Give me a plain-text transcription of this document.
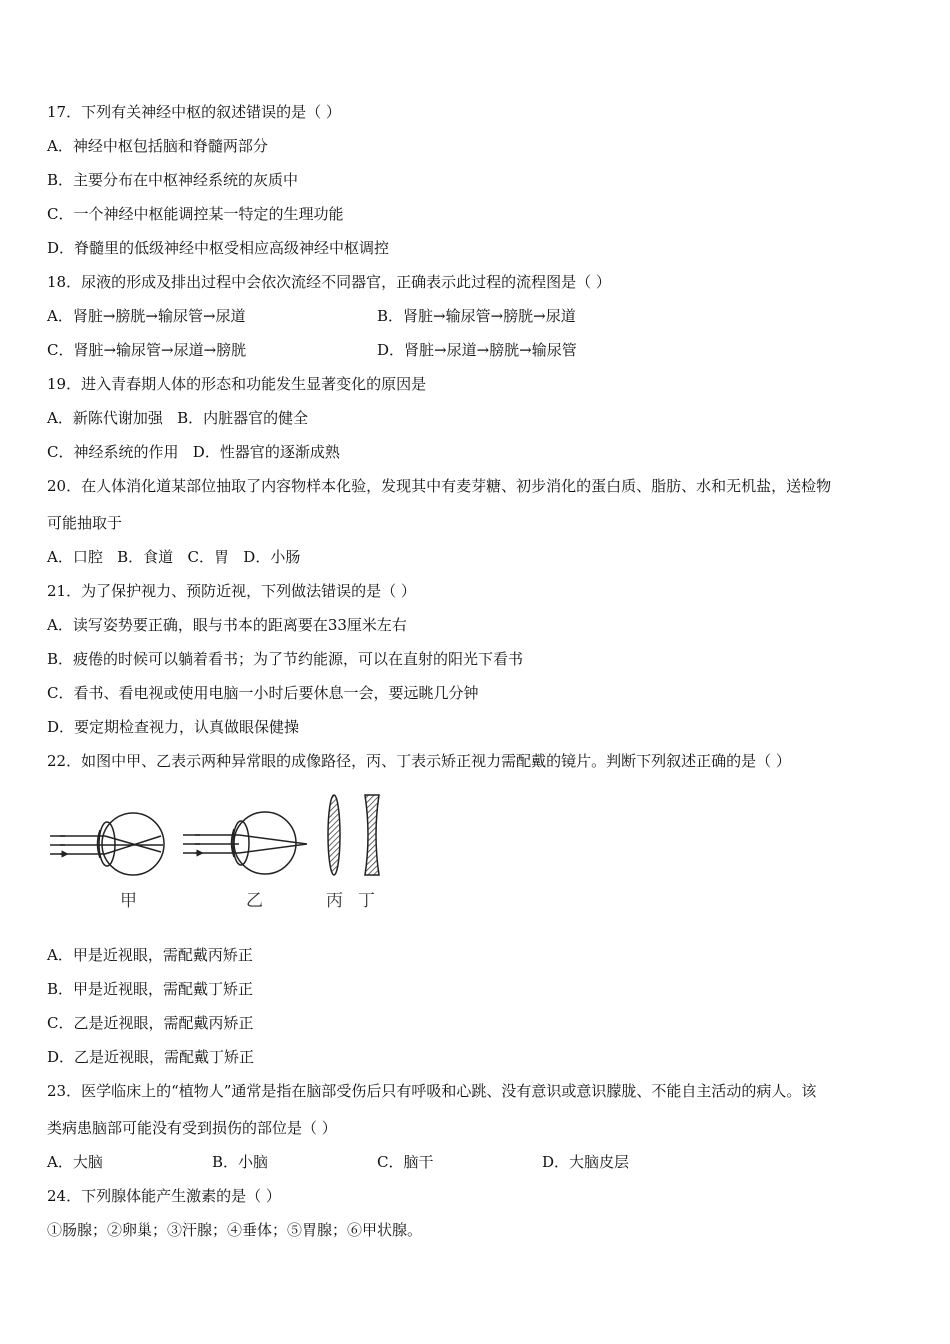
17．下列有关神经中枢的叙述错误的是（ ）
A．神经中枢包括脑和脊髓两部分
B．主要分布在中枢神经系统的灰质中
C．一个神经中枢能调控某一特定的生理功能
D．脊髓里的低级神经中枢受相应高级神经中枢调控
18．尿液的形成及排出过程中会依次流经不同器官，正确表示此过程的流程图是（ ）
A．肾脏→膀胱→输尿管→尿道	B．肾脏→输尿管→膀胱→尿道
C．肾脏→输尿管→尿道→膀胱	D．肾脏→尿道→膀胱→输尿管
19．进入青春期人体的形态和功能发生显著变化的原因是
A．新陈代谢加强 B．内脏器官的健全
C．神经系统的作用 D．性器官的逐渐成熟
20．在人体消化道某部位抽取了内容物样本化验，发现其中有麦芽糖、初步消化的蛋白质、脂肪、水和无机盐，送检物
可能抽取于
A．口腔 B．食道 C．胃 D．小肠
21．为了保护视力、预防近视，下列做法错误的是（ ）
A．读写姿势要正确，眼与书本的距离要在33厘米左右
B．疲倦的时候可以躺着看书；为了节约能源，可以在直射的阳光下看书
C．看书、看电视或使用电脑一小时后要休息一会，要远眺几分钟
D．要定期检查视力，认真做眼保健操
22．如图中甲、乙表示两种异常眼的成像路径，丙、丁表示矫正视力需配戴的镜片。判断下列叙述正确的是（ ）
甲	乙	丙 丁
A．甲是近视眼，需配戴丙矫正
B．甲是近视眼，需配戴丁矫正
C．乙是近视眼，需配戴丙矫正
D．乙是近视眼，需配戴丁矫正
23．医学临床上的“植物人”通常是指在脑部受伤后只有呼吸和心跳、没有意识或意识朦胧、不能自主活动的病人。该
类病患脑部可能没有受到损伤的部位是（ ）
A．大脑	B．小脑	C．脑干	D．大脑皮层
24．下列腺体能产生激素的是（ ）
①肠腺；②卵巢；③汗腺；④垂体；⑤胃腺；⑥甲状腺。
